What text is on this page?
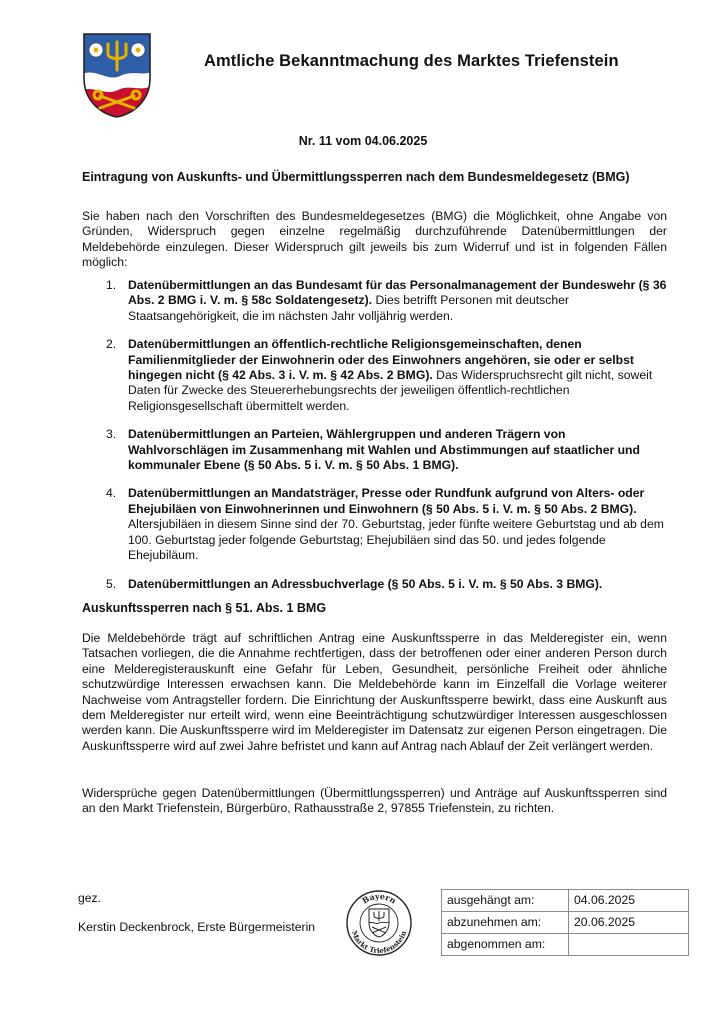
Amtliche Bekanntmachung des Marktes Triefenstein
Nr. 11 vom 04.06.2025
Eintragung von Auskunfts- und Übermittlungssperren nach dem Bundesmeldegesetz (BMG)
Sie haben nach den Vorschriften des Bundesmeldegesetzes (BMG) die Möglichkeit, ohne Angabe von Gründen, Widerspruch gegen einzelne regelmäßig durchzuführende Datenübermittlungen der Meldebehörde einzulegen. Dieser Widerspruch gilt jeweils bis zum Widerruf und ist in folgenden Fällen möglich:
1. Datenübermittlungen an das Bundesamt für das Personalmanagement der Bundeswehr (§ 36 Abs. 2 BMG i. V. m. § 58c Soldatengesetz). Dies betrifft Personen mit deutscher Staatsangehörigkeit, die im nächsten Jahr volljährig werden.
2. Datenübermittlungen an öffentlich-rechtliche Religionsgemeinschaften, denen Familienmitglieder der Einwohnerin oder des Einwohners angehören, sie oder er selbst hingegen nicht (§ 42 Abs. 3 i. V. m. § 42 Abs. 2 BMG). Das Widerspruchsrecht gilt nicht, soweit Daten für Zwecke des Steuererhebungsrechts der jeweiligen öffentlich-rechtlichen Religionsgesellschaft übermittelt werden.
3. Datenübermittlungen an Parteien, Wählergruppen und anderen Trägern von Wahlvorschlägen im Zusammenhang mit Wahlen und Abstimmungen auf staatlicher und kommunaler Ebene (§ 50 Abs. 5 i. V. m. § 50 Abs. 1 BMG).
4. Datenübermittlungen an Mandatsträger, Presse oder Rundfunk aufgrund von Alters- oder Ehejubiläen von Einwohnerinnen und Einwohnern (§ 50 Abs. 5 i. V. m. § 50 Abs. 2 BMG). Altersjubiläen in diesem Sinne sind der 70. Geburtstag, jeder fünfte weitere Geburtstag und ab dem 100. Geburtstag jeder folgende Geburtstag; Ehejubiläen sind das 50. und jedes folgende Ehejubiläum.
5. Datenübermittlungen an Adressbuchverlage (§ 50 Abs. 5 i. V. m. § 50 Abs. 3 BMG).
Auskunftssperren nach § 51. Abs. 1 BMG
Die Meldebehörde trägt auf schriftlichen Antrag eine Auskunftssperre in das Melderegister ein, wenn Tatsachen vorliegen, die die Annahme rechtfertigen, dass der betroffenen oder einer anderen Person durch eine Melderegisterauskunft eine Gefahr für Leben, Gesundheit, persönliche Freiheit oder ähnliche schutzwürdige Interessen erwachsen kann. Die Meldebehörde kann im Einzelfall die Vorlage weiterer Nachweise vom Antragsteller fordern. Die Einrichtung der Auskunftssperre bewirkt, dass eine Auskunft aus dem Melderegister nur erteilt wird, wenn eine Beeinträchtigung schutzwürdiger Interessen ausgeschlossen werden kann. Die Auskunftssperre wird im Melderegister im Datensatz zur eigenen Person eingetragen. Die Auskunftssperre wird auf zwei Jahre befristet und kann auf Antrag nach Ablauf der Zeit verlängert werden.
Widersprüche gegen Datenübermittlungen (Übermittlungssperren) und Anträge auf Auskunftssperren sind an den Markt Triefenstein, Bürgerbüro, Rathausstraße 2, 97855 Triefenstein, zu richten.
gez.
Kerstin Deckenbrock, Erste Bürgermeisterin
Bayern
Markt Triefenstein
ausgehängt am:	04.06.2025
abzunehmen am:	20.06.2025
abgenommen am:	
